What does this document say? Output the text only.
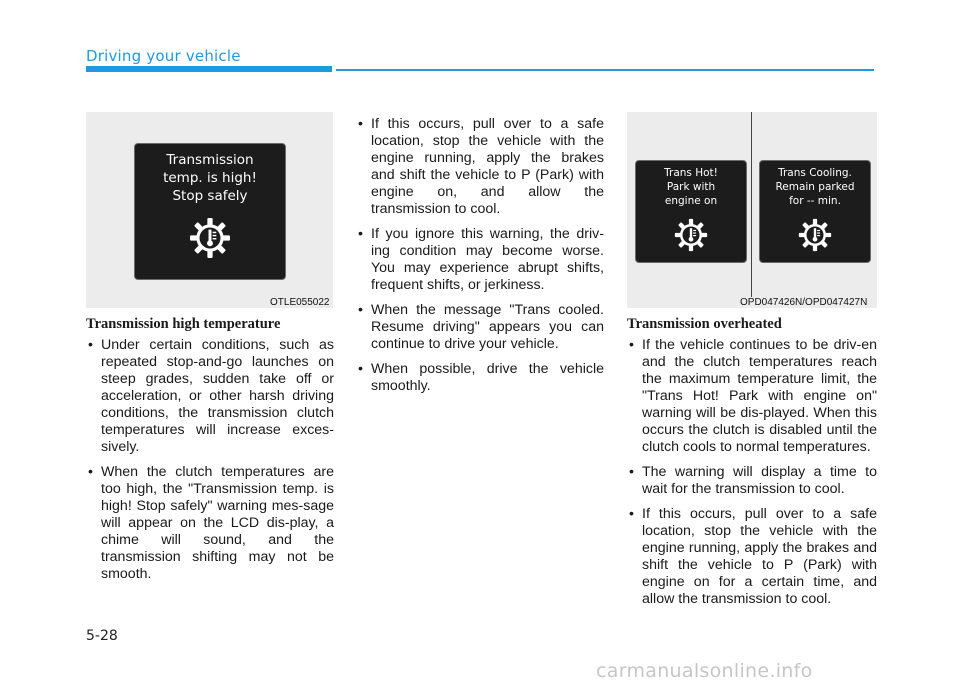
Driving your vehicle
Transmission
temp. is high!
Stop safely
OTLE055022
Trans Hot!
Park with
engine on
Trans Cooling.
Remain parked
for -- min.
OPD047426N/OPD047427N
Transmission high temperature
• Under certain conditions, such as repeated stop-and-go launches on steep grades, sudden take off or acceleration, or other harsh driving conditions, the transmission clutch temperatures will increase exces-sively.
• When the clutch temperatures are too high, the "Transmission temp. is high! Stop safely" warning mes-sage will appear on the LCD dis-play, a chime will sound, and the transmission shifting may not be smooth.
• If this occurs, pull over to a safe location, stop the vehicle with the engine running, apply the brakes and shift the vehicle to P (Park) with engine on, and allow the transmission to cool.
• If you ignore this warning, the driv-ing condition may become worse. You may experience abrupt shifts, frequent shifts, or jerkiness.
• When the message "Trans cooled. Resume driving" appears you can continue to drive your vehicle.
• When possible, drive the vehicle smoothly.
Transmission overheated
• If the vehicle continues to be driv-en and the clutch temperatures reach the maximum temperature limit, the "Trans Hot! Park with engine on" warning will be dis-played. When this occurs the clutch is disabled until the clutch cools to normal temperatures.
• The warning will display a time to wait for the transmission to cool.
• If this occurs, pull over to a safe location, stop the vehicle with the engine running, apply the brakes and shift the vehicle to P (Park) with engine on for a certain time, and allow the transmission to cool.
5-28
carmanualsonline.info
